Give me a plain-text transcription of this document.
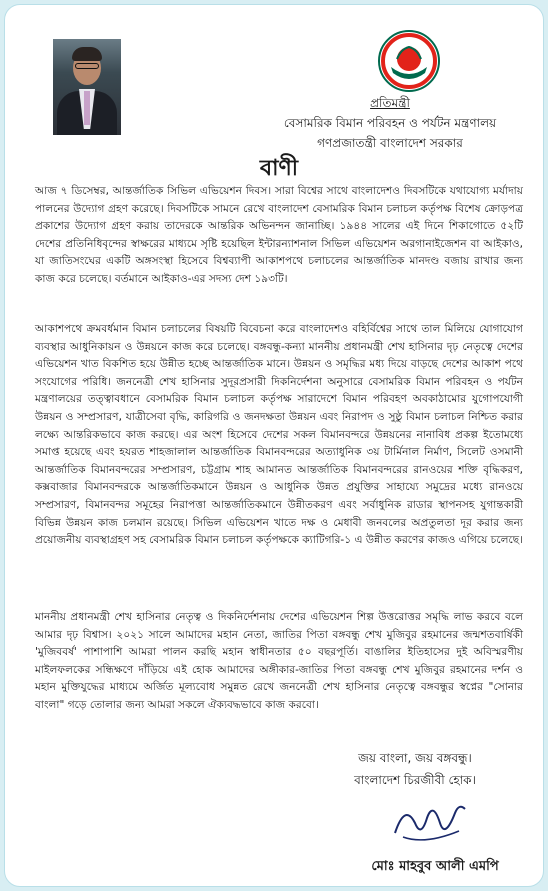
প্রতিমন্ত্রী
বেসামরিক বিমান পরিবহন ও পর্যটন মন্ত্রণালয়
গণপ্রজাতন্ত্রী বাংলাদেশ সরকার
বাণী

আজ ৭ ডিসেম্বর, আন্তর্জাতিক সিভিল এভিয়েশন দিবস। সারা বিশ্বের সাথে বাংলাদেশও দিবসটিকে যথাযোগ্য মর্যাদায় পালনের উদ্যোগ গ্রহণ করেছে। দিবসটিকে সামনে রেখে বাংলাদেশ বেসামরিক বিমান চলাচল কর্তৃপক্ষ বিশেষ ক্রোড়পত্র প্রকাশের উদ্যোগ গ্রহণ করায় তাদেরকে আন্তরিক অভিনন্দন জানাচ্ছি। ১৯৪৪ সালের এই দিনে শিকাগোতে ৫২টি দেশের প্রতিনিধিবৃন্দের স্বাক্ষরের মাধ্যমে সৃষ্টি হয়েছিল ইন্টারন্যাশনাল সিভিল এভিয়েশন অরগানাইজেশন বা আইকাও, যা জাতিসংঘের একটি অঙ্গসংস্থা হিসেবে বিশ্বব্যাপী আকাশপথে চলাচলের আন্তর্জাতিক মানদণ্ড বজায় রাখার জন্য কাজ করে চলেছে। বর্তমানে আইকাও-এর সদস্য দেশ ১৯৩টি।

আকাশপথে ক্রমবর্ধমান বিমান চলাচলের বিষয়টি বিবেচনা করে বাংলাদেশও বহির্বিশ্বের সাথে তাল মিলিয়ে যোগাযোগ ব্যবস্থার আধুনিকায়ন ও উন্নয়নে কাজ করে চলেছে। বঙ্গবন্ধু-কন্যা মাননীয় প্রধানমন্ত্রী শেখ হাসিনার দৃঢ় নেতৃত্বে দেশের এভিয়েশন খাত বিকশিত হয়ে উন্নীত হচ্ছে আন্তর্জাতিক মানে। উন্নয়ন ও সমৃদ্ধির মধ্য দিয়ে বাড়ছে দেশের আকাশ পথে সংযোগের পরিধি। জননেত্রী শেখ হাসিনার সুদূরপ্রসারী দিকনির্দেশনা অনুসারে বেসামরিক বিমান পরিবহন ও পর্যটন মন্ত্রণালয়ের তত্ত্বাবধানে বেসামরিক বিমান চলাচল কর্তৃপক্ষ সারাদেশে বিমান পরিবহণ অবকাঠামোর যুগোপযোগী উন্নয়ন ও সম্প্রসারণ, যাত্রীসেবা বৃদ্ধি, কারিগরি ও জনদক্ষতা উন্নয়ন এবং নিরাপদ ও সুষ্ঠু বিমান চলাচল নিশ্চিত করার লক্ষ্যে আন্তরিকভাবে কাজ করছে। এর অংশ হিসেবে দেশের সকল বিমানবন্দরে উন্নয়নের নানাবিধ প্রকল্প ইতোমধ্যে সমাপ্ত হয়েছে এবং হযরত শাহজালাল আন্তর্জাতিক বিমানবন্দরের অত্যাধুনিক ৩য় টার্মিনাল নির্মাণ, সিলেট ওসমানী আন্তর্জাতিক বিমানবন্দরের সম্প্রসারণ, চট্টগ্রাম শাহ আমানত আন্তর্জাতিক বিমানবন্দরের রানওয়ের শক্তি বৃদ্ধিকরণ, কক্সবাজার বিমানবন্দরকে আন্তর্জাতিকমানে উন্নয়ন ও আধুনিক উন্নত প্রযুক্তির সাহায্যে সমুদ্রের মধ্যে রানওয়ে সম্প্রসারণ, বিমানবন্দর সমূহের নিরাপত্তা আন্তর্জাতিকমানে উন্নীতকরণ এবং সর্বাধুনিক রাডার স্থাপনসহ যুগান্তকারী বিভিন্ন উন্নয়ন কাজ চলমান রয়েছে। সিভিল এভিয়েশন খাতে দক্ষ ও মেধাবী জনবলের অপ্রতুলতা দূর করার জন্য প্রয়োজনীয় ব্যবস্থাগ্রহণ সহ বেসামরিক বিমান চলাচল কর্তৃপক্ষকে ক্যাটিগরি-১ এ উন্নীত করণের কাজও এগিয়ে চলেছে।

মাননীয় প্রধানমন্ত্রী শেখ হাসিনার নেতৃত্ব ও দিকনির্দেশনায় দেশের এভিয়েশন শিল্প উত্তরোত্তর সমৃদ্ধি লাভ করবে বলে আমার দৃঢ় বিশ্বাস। ২০২১ সালে আমাদের মহান নেতা, জাতির পিতা বঙ্গবন্ধু শেখ মুজিবুর রহমানের জন্মশতবার্ষিকী 'মুজিববর্ষ' পাশাপাশি আমরা পালন করছি মহান স্বাধীনতার ৫০ বছরপূর্তি। বাঙালির ইতিহাসের দুই অবিস্মরণীয় মাইলফলকের সন্ধিক্ষণে দাঁড়িয়ে এই হোক আমাদের অঙ্গীকার-জাতির পিতা বঙ্গবন্ধু শেখ মুজিবুর রহমানের দর্শন ও মহান মুক্তিযুদ্ধের মাধ্যমে অর্জিত মূল্যবোধ সমুন্নত রেখে জননেত্রী শেখ হাসিনার নেতৃত্বে বঙ্গবন্ধুর স্বপ্নের "সোনার বাংলা" গড়ে তোলার জন্য আমরা সকলে ঐক্যবদ্ধভাবে কাজ করবো।

জয় বাংলা, জয় বঙ্গবন্ধু।
বাংলাদেশ চিরজীবী হোক।
মোঃ মাহবুব আলী এমপি
